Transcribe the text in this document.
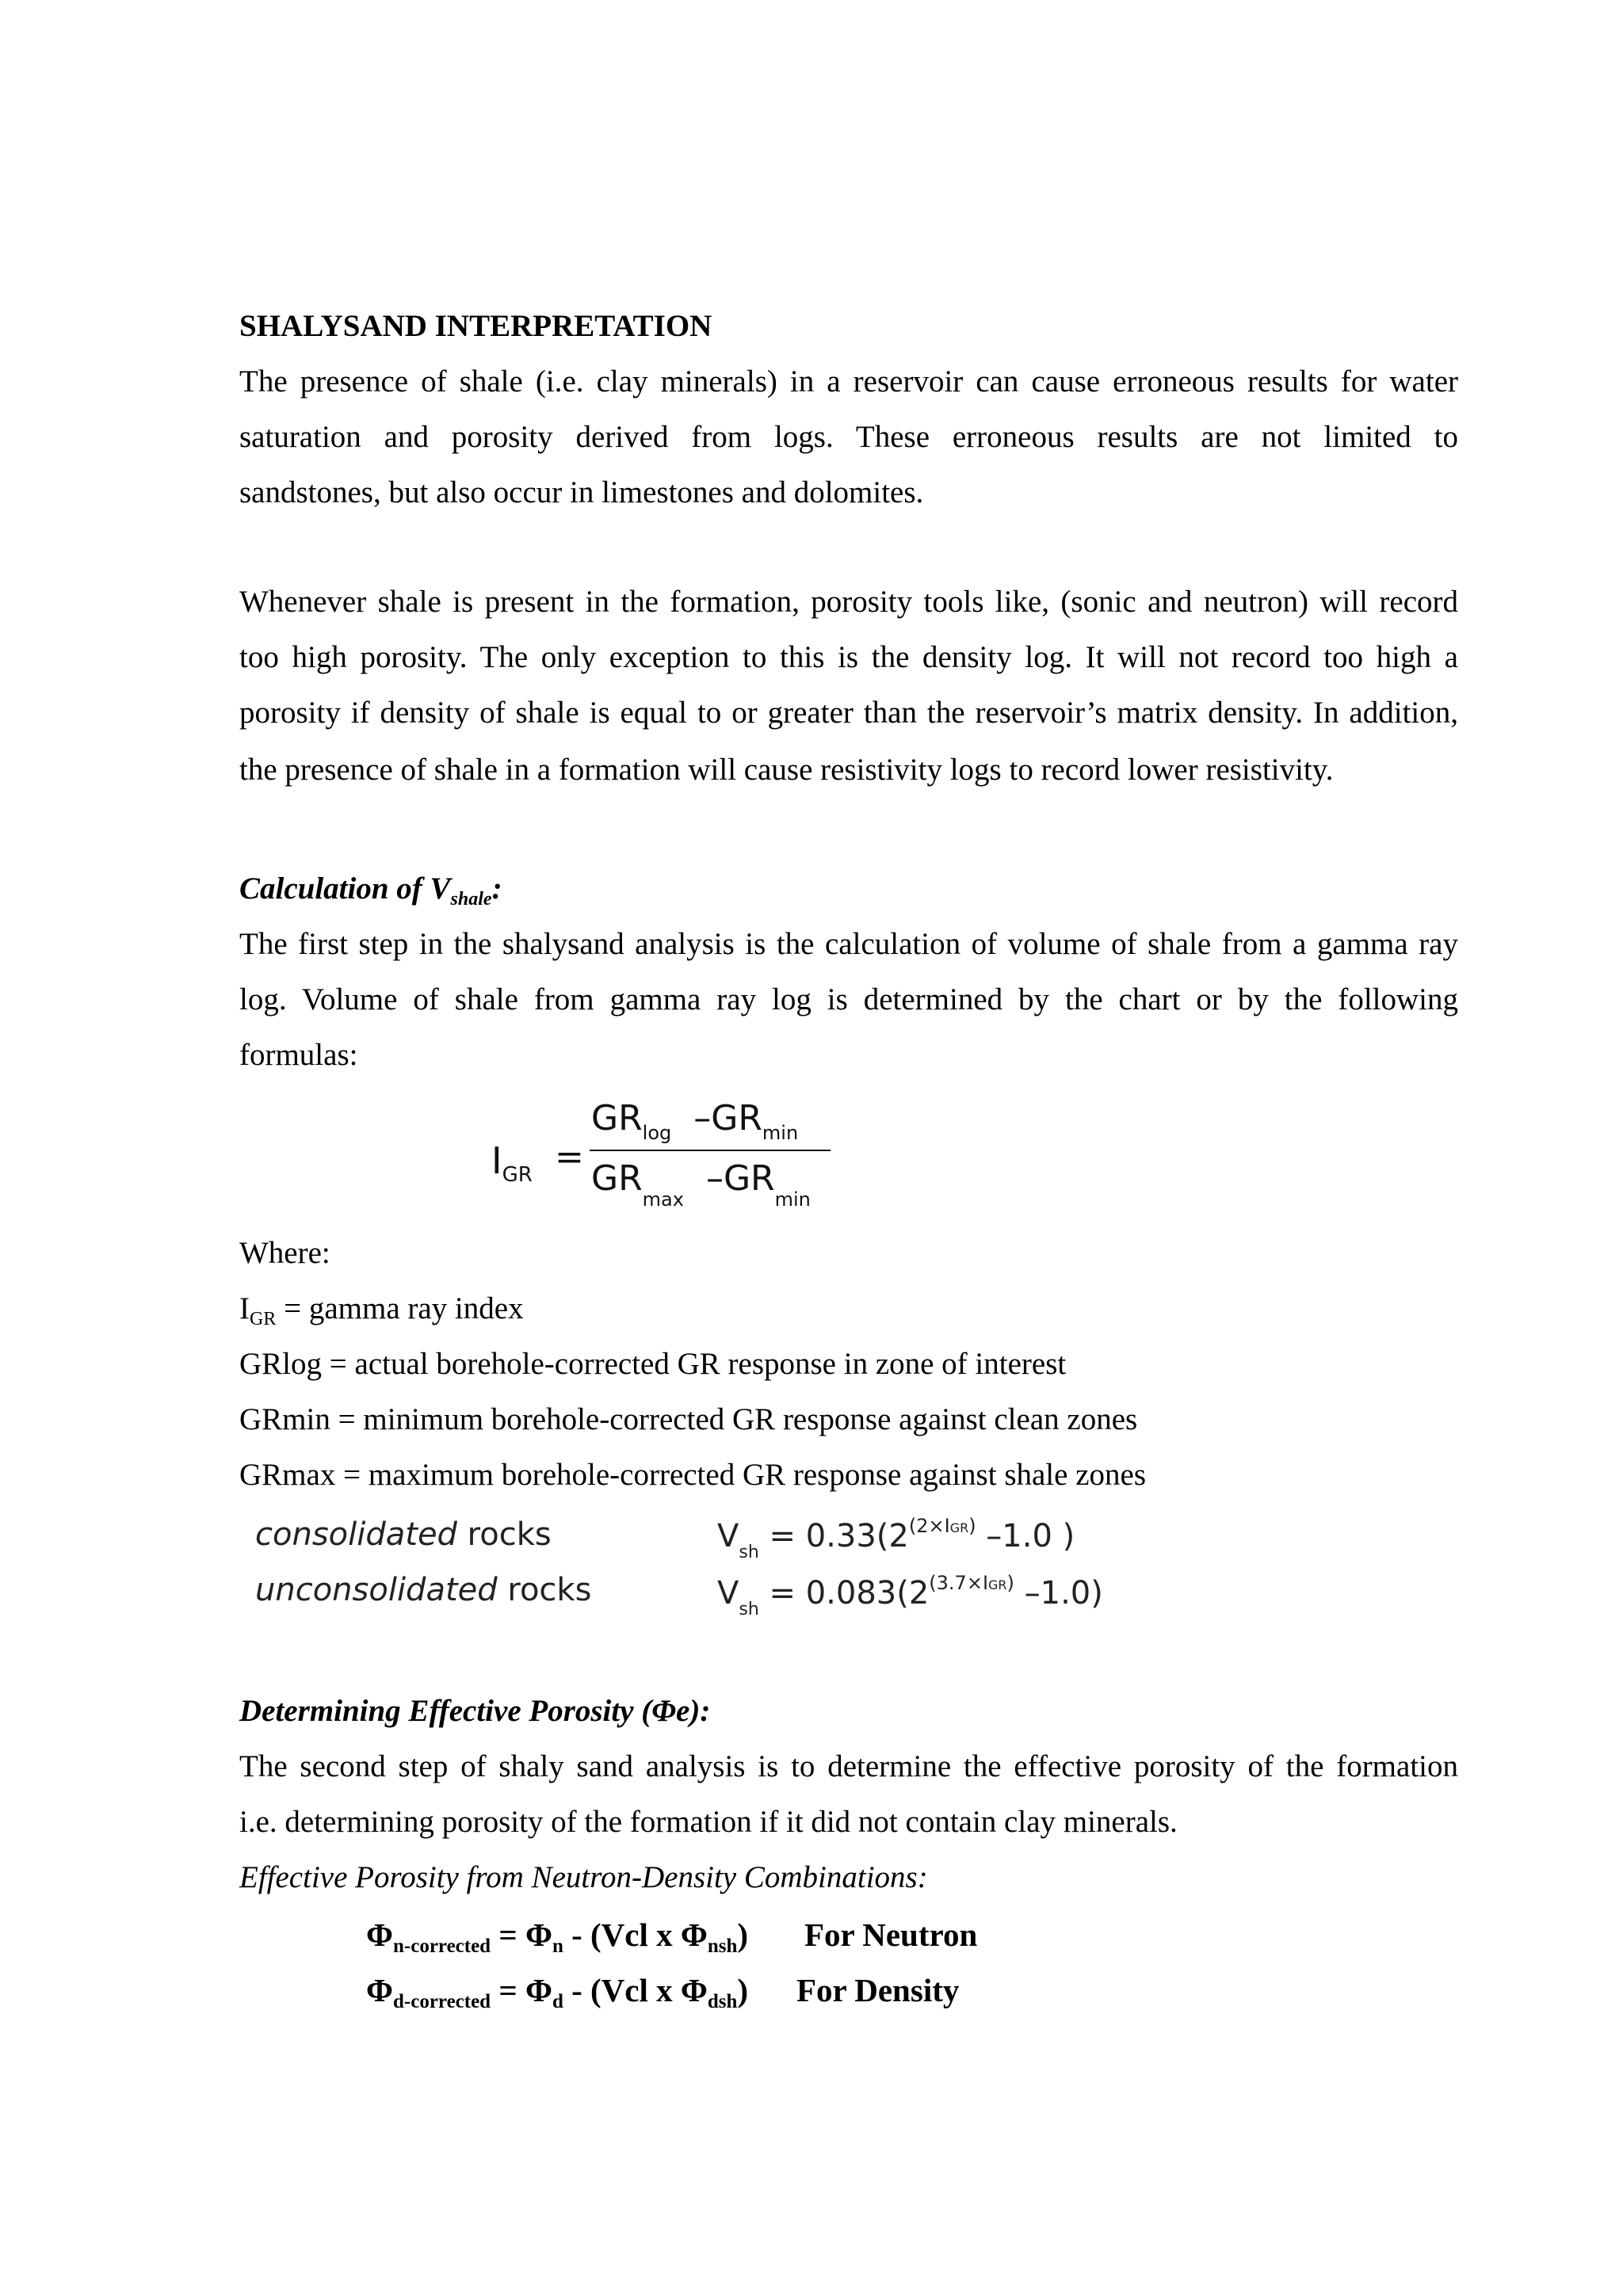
SHALYSAND INTERPRETATION
The presence of shale (i.e. clay minerals) in a reservoir can cause erroneous results for water
saturation and porosity derived from logs. These erroneous results are not limited to
sandstones, but also occur in limestones and dolomites.
Whenever shale is present in the formation, porosity tools like, (sonic and neutron) will record
too high porosity. The only exception to this is the density log. It will not record too high a
porosity if density of shale is equal to or greater than the reservoir’s matrix density. In addition,
the presence of shale in a formation will cause resistivity logs to record lower resistivity.
Calculation of $V_{shale}$:
The first step in the shalysand analysis is the calculation of volume of shale from a gamma ray
log. Volume of shale from gamma ray log is determined by the chart or by the following
formulas:
$I_{GR}$ =
$GR_{log}$ $-GR_{min}$
$GR_{max}$  $-GR_{min}$
Where:
$I_{GR}$ = gamma ray index
GRlog = actual borehole-corrected GR response in zone of interest
GRmin = minimum borehole-corrected GR response against clean zones
GRmax = maximum borehole-corrected GR response against shale zones
consolidated rocks	$V_{sh} = 0.33(2^{(2\times IGR)}$ –1.0 )
unconsolidated rocks	$V_{sh} = 0.083(2^{(3.7\times IGR)}$ –1.0)
Determining Effective Porosity (Φe):
The second step of shaly sand analysis is to determine the effective porosity of the formation
i.e. determining porosity of the formation if it did not contain clay minerals.
Effective Porosity from Neutron-Density Combinations:
$\Phi_{n-corrected} = \Phi_n - (Vcl$ x $\Phi_{nsh}$) For Neutron
$\Phi_{d-corrected} = \Phi_d - (Vcl$ x $\Phi_{dsh}$) For Density
